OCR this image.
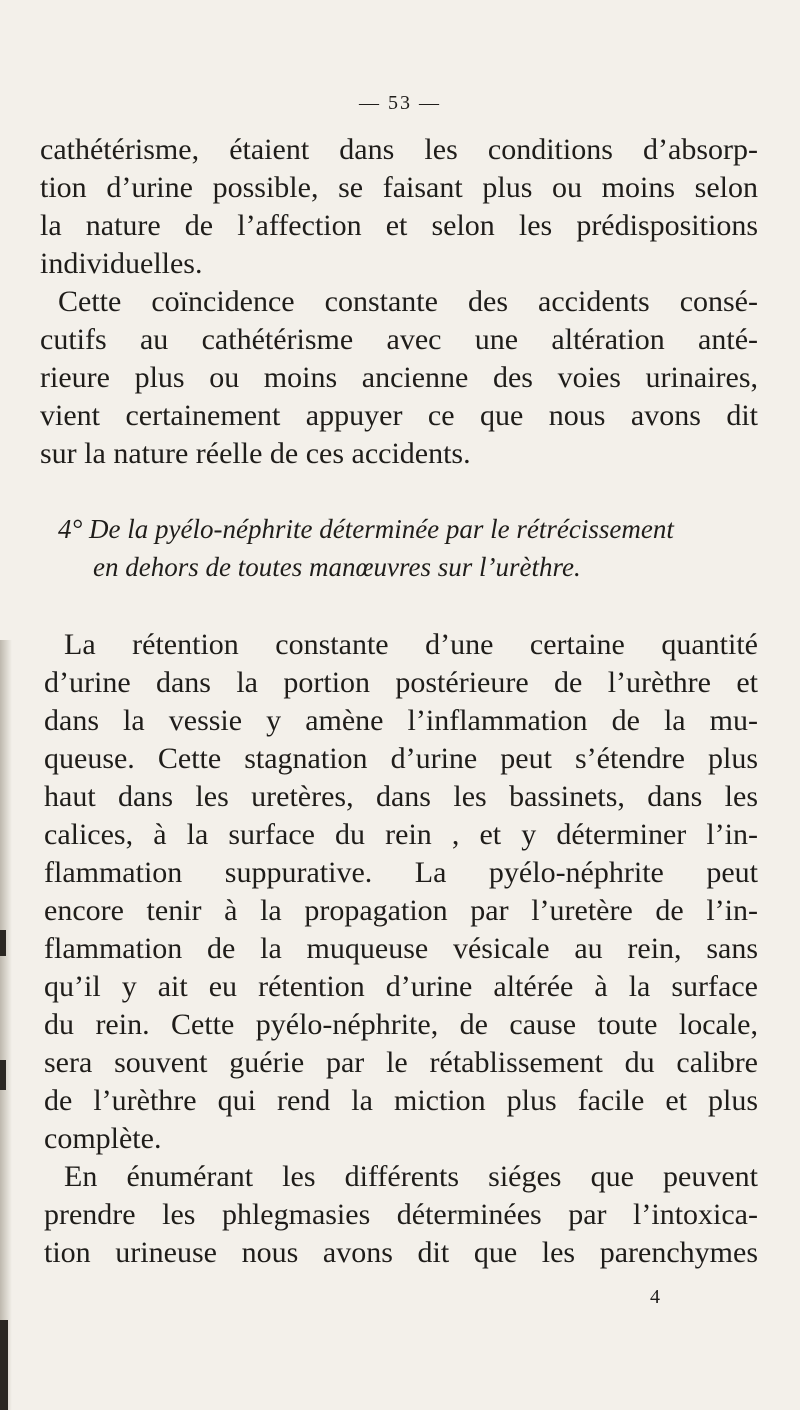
— 53 —
cathétérisme, étaient dans les conditions d’absorp-
tion d’urine possible, se faisant plus ou moins selon
la nature de l’affection et selon les prédispositions
individuelles.
Cette coïncidence constante des accidents consé-
cutifs au cathétérisme avec une altération anté-
rieure plus ou moins ancienne des voies urinaires,
vient certainement appuyer ce que nous avons dit
sur la nature réelle de ces accidents.
4° De la pyélo-néphrite déterminée par le rétrécissement
en dehors de toutes manœuvres sur l’urèthre.
La rétention constante d’une certaine quantité
d’urine dans la portion postérieure de l’urèthre et
dans la vessie y amène l’inflammation de la mu-
queuse. Cette stagnation d’urine peut s’étendre plus
haut dans les uretères, dans les bassinets, dans les
calices, à la surface du rein , et y déterminer l’in-
flammation suppurative. La pyélo-néphrite peut
encore tenir à la propagation par l’uretère de l’in-
flammation de la muqueuse vésicale au rein, sans
qu’il y ait eu rétention d’urine altérée à la surface
du rein. Cette pyélo-néphrite, de cause toute locale,
sera souvent guérie par le rétablissement du calibre
de l’urèthre qui rend la miction plus facile et plus
complète.
En énumérant les différents siéges que peuvent
prendre les phlegmasies déterminées par l’intoxica-
tion urineuse nous avons dit que les parenchymes
4
